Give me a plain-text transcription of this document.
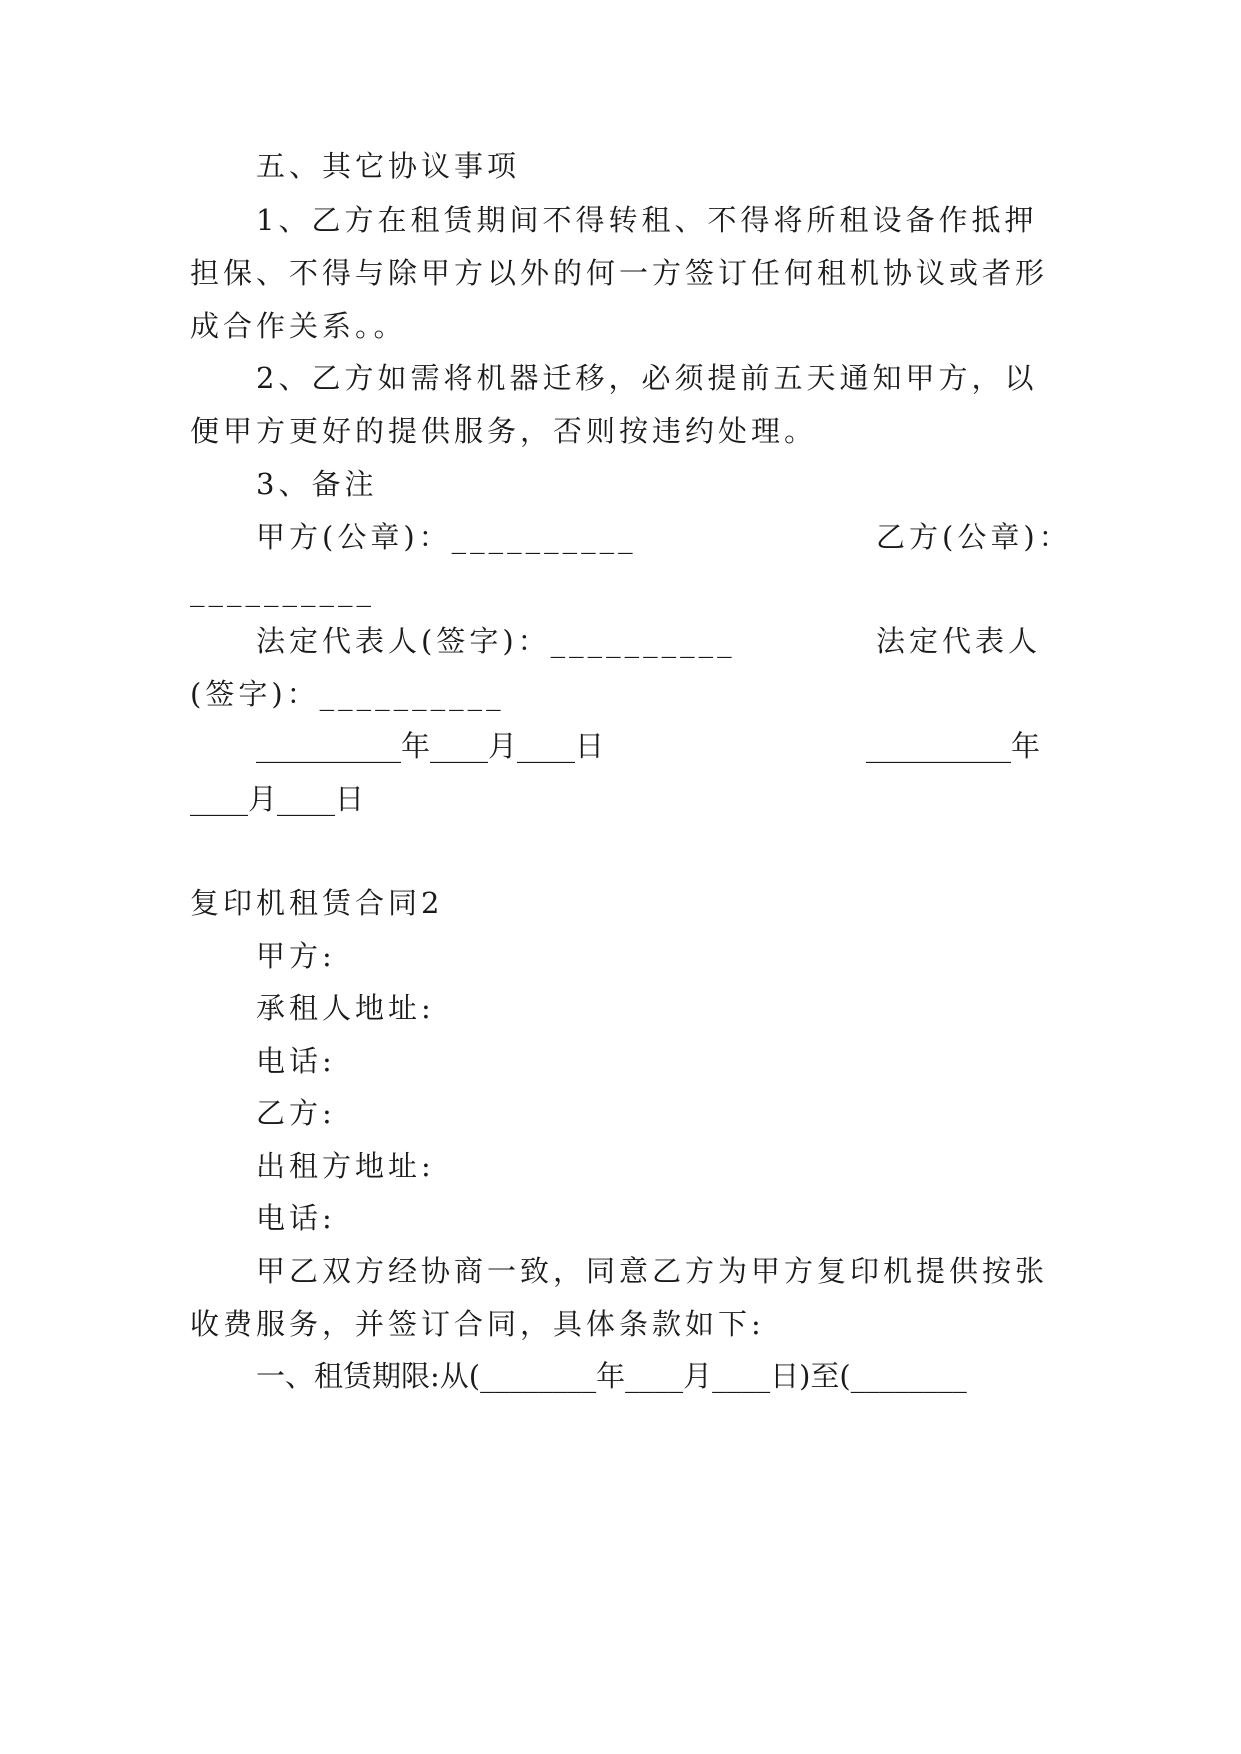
五、其它协议事项
1、乙方在租赁期间不得转租、不得将所租设备作抵押
担保、不得与除甲方以外的何一方签订任何租机协议或者形
成合作关系。。
2、乙方如需将机器迁移，必须提前五天通知甲方，以
便甲方更好的提供服务，否则按违约处理。
3、备注
甲方(公章)：__________	乙方(公章)：
__________
法定代表人(签字)：__________	法定代表人
(签字)：__________
__________年____月____日	__________年
____月____日
复印机租赁合同2
甲方:
承租人地址:
电话:
乙方:
出租方地址:
电话:
甲乙双方经协商一致，同意乙方为甲方复印机提供按张
收费服务，并签订合同，具体条款如下:
一、租赁期限:从(________年____月____日)至(________
